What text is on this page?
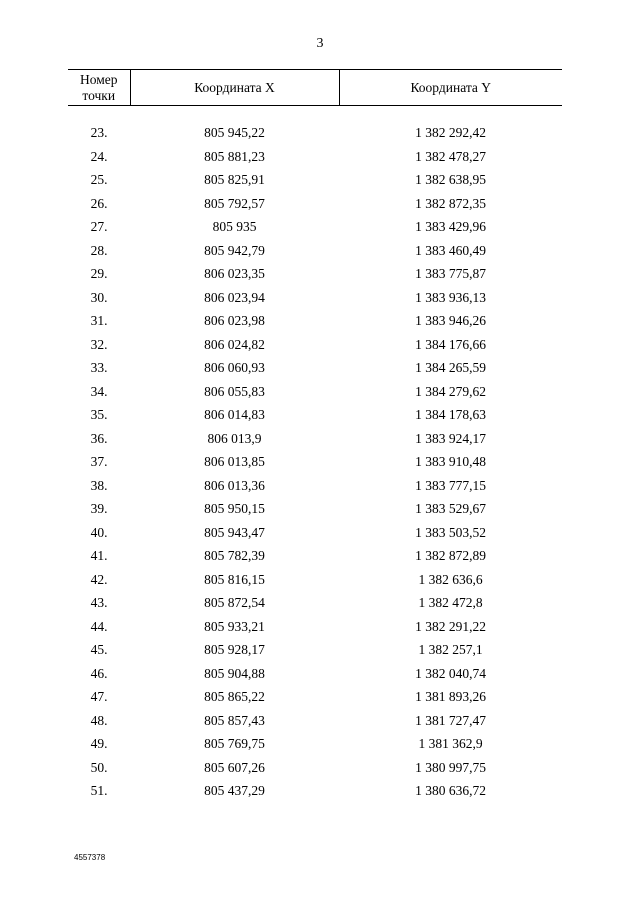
3
Номер
точки	Координата X	Координата Y

23.	805 945,22	1 382 292,42
24.	805 881,23	1 382 478,27
25.	805 825,91	1 382 638,95
26.	805 792,57	1 382 872,35
27.	805 935	1 383 429,96
28.	805 942,79	1 383 460,49
29.	806 023,35	1 383 775,87
30.	806 023,94	1 383 936,13
31.	806 023,98	1 383 946,26
32.	806 024,82	1 384 176,66
33.	806 060,93	1 384 265,59
34.	806 055,83	1 384 279,62
35.	806 014,83	1 384 178,63
36.	806 013,9	1 383 924,17
37.	806 013,85	1 383 910,48
38.	806 013,36	1 383 777,15
39.	805 950,15	1 383 529,67
40.	805 943,47	1 383 503,52
41.	805 782,39	1 382 872,89
42.	805 816,15	1 382 636,6
43.	805 872,54	1 382 472,8
44.	805 933,21	1 382 291,22
45.	805 928,17	1 382 257,1
46.	805 904,88	1 382 040,74
47.	805 865,22	1 381 893,26
48.	805 857,43	1 381 727,47
49.	805 769,75	1 381 362,9
50.	805 607,26	1 380 997,75
51.	805 437,29	1 380 636,72
4557378
